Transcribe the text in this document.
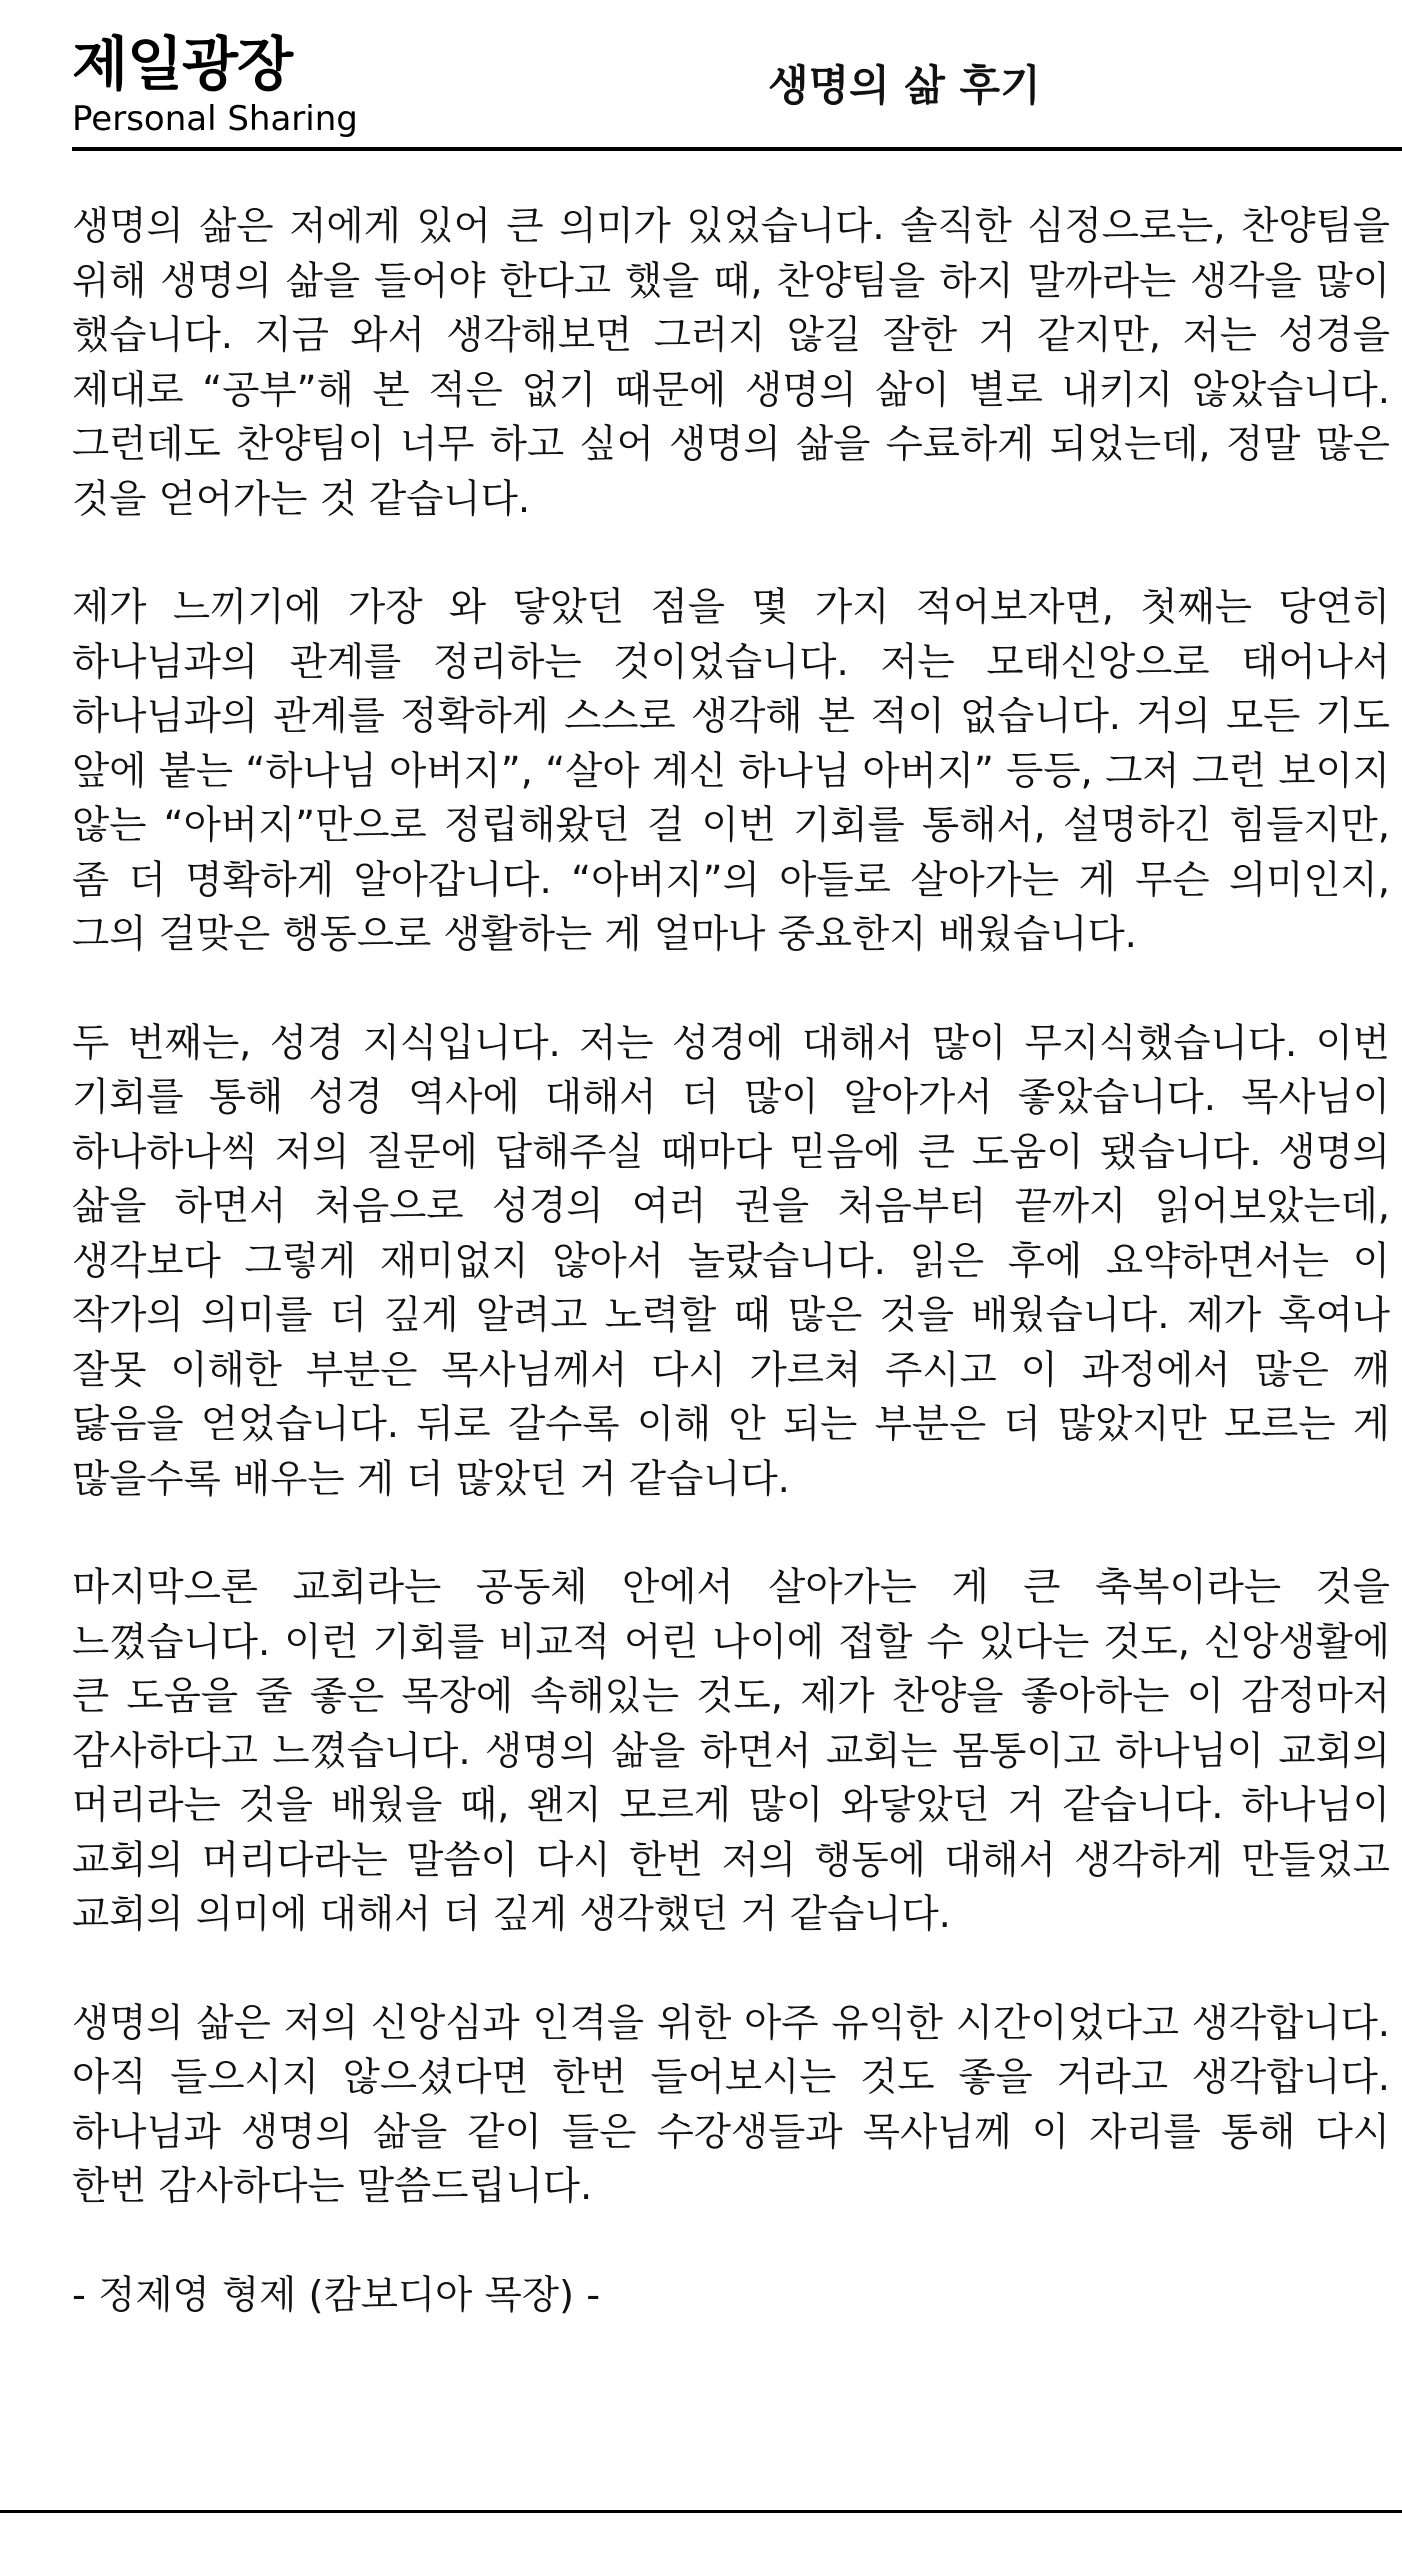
제일광장
Personal Sharing
생명의 삶 후기

생명의 삶은 저에게 있어 큰 의미가 있었습니다. 솔직한 심정으로는, 찬양팀을 위해 생명의 삶을 들어야 한다고 했을 때, 찬양팀을 하지 말까라는 생각을 많이 했습니다. 지금 와서 생각해보면 그러지 않길 잘한 거 같지만, 저는 성경을 제대로 “공부”해 본 적은 없기 때문에 생명의 삶이 별로 내키지 않았습니다. 그런데도 찬양팀이 너무 하고 싶어 생명의 삶을 수료하게 되었는데, 정말 많은 것을 얻어가는 것 같습니다.

제가 느끼기에 가장 와 닿았던 점을 몇 가지 적어보자면, 첫째는 당연히 하나님과의 관계를 정리하는 것이었습니다. 저는 모태신앙으로 태어나서 하나님과의 관계를 정확하게 스스로 생각해 본 적이 없습니다. 거의 모든 기도 앞에 붙는 “하나님 아버지”, “살아 계신 하나님 아버지” 등등, 그저 그런 보이지 않는 “아버지”만으로 정립해왔던 걸 이번 기회를 통해서, 설명하긴 힘들지만, 좀 더 명확하게 알아갑니다. “아버지”의 아들로 살아가는 게 무슨 의미인지, 그의 걸맞은 행동으로 생활하는 게 얼마나 중요한지 배웠습니다.

두 번째는, 성경 지식입니다. 저는 성경에 대해서 많이 무지식했습니다. 이번 기회를 통해 성경 역사에 대해서 더 많이 알아가서 좋았습니다. 목사님이 하나하나씩 저의 질문에 답해주실 때마다 믿음에 큰 도움이 됐습니다. 생명의 삶을 하면서 처음으로 성경의 여러 권을 처음부터 끝까지 읽어보았는데, 생각보다 그렇게 재미없지 않아서 놀랐습니다. 읽은 후에 요약하면서는 이 작가의 의미를 더 깊게 알려고 노력할 때 많은 것을 배웠습니다. 제가 혹여나 잘못 이해한 부분은 목사님께서 다시 가르쳐 주시고 이 과정에서 많은 깨 닳음을 얻었습니다. 뒤로 갈수록 이해 안 되는 부분은 더 많았지만 모르는 게 많을수록 배우는 게 더 많았던 거 같습니다.

마지막으론 교회라는 공동체 안에서 살아가는 게 큰 축복이라는 것을 느꼈습니다. 이런 기회를 비교적 어린 나이에 접할 수 있다는 것도, 신앙생활에 큰 도움을 줄 좋은 목장에 속해있는 것도, 제가 찬양을 좋아하는 이 감정마저 감사하다고 느꼈습니다. 생명의 삶을 하면서 교회는 몸통이고 하나님이 교회의 머리라는 것을 배웠을 때, 왠지 모르게 많이 와닿았던 거 같습니다. 하나님이 교회의 머리다라는 말씀이 다시 한번 저의 행동에 대해서 생각하게 만들었고 교회의 의미에 대해서 더 깊게 생각했던 거 같습니다.

생명의 삶은 저의 신앙심과 인격을 위한 아주 유익한 시간이었다고 생각합니다. 아직 들으시지 않으셨다면 한번 들어보시는 것도 좋을 거라고 생각합니다. 하나님과 생명의 삶을 같이 들은 수강생들과 목사님께 이 자리를 통해 다시 한번 감사하다는 말씀드립니다.

- 정제영 형제 (캄보디아 목장) -
